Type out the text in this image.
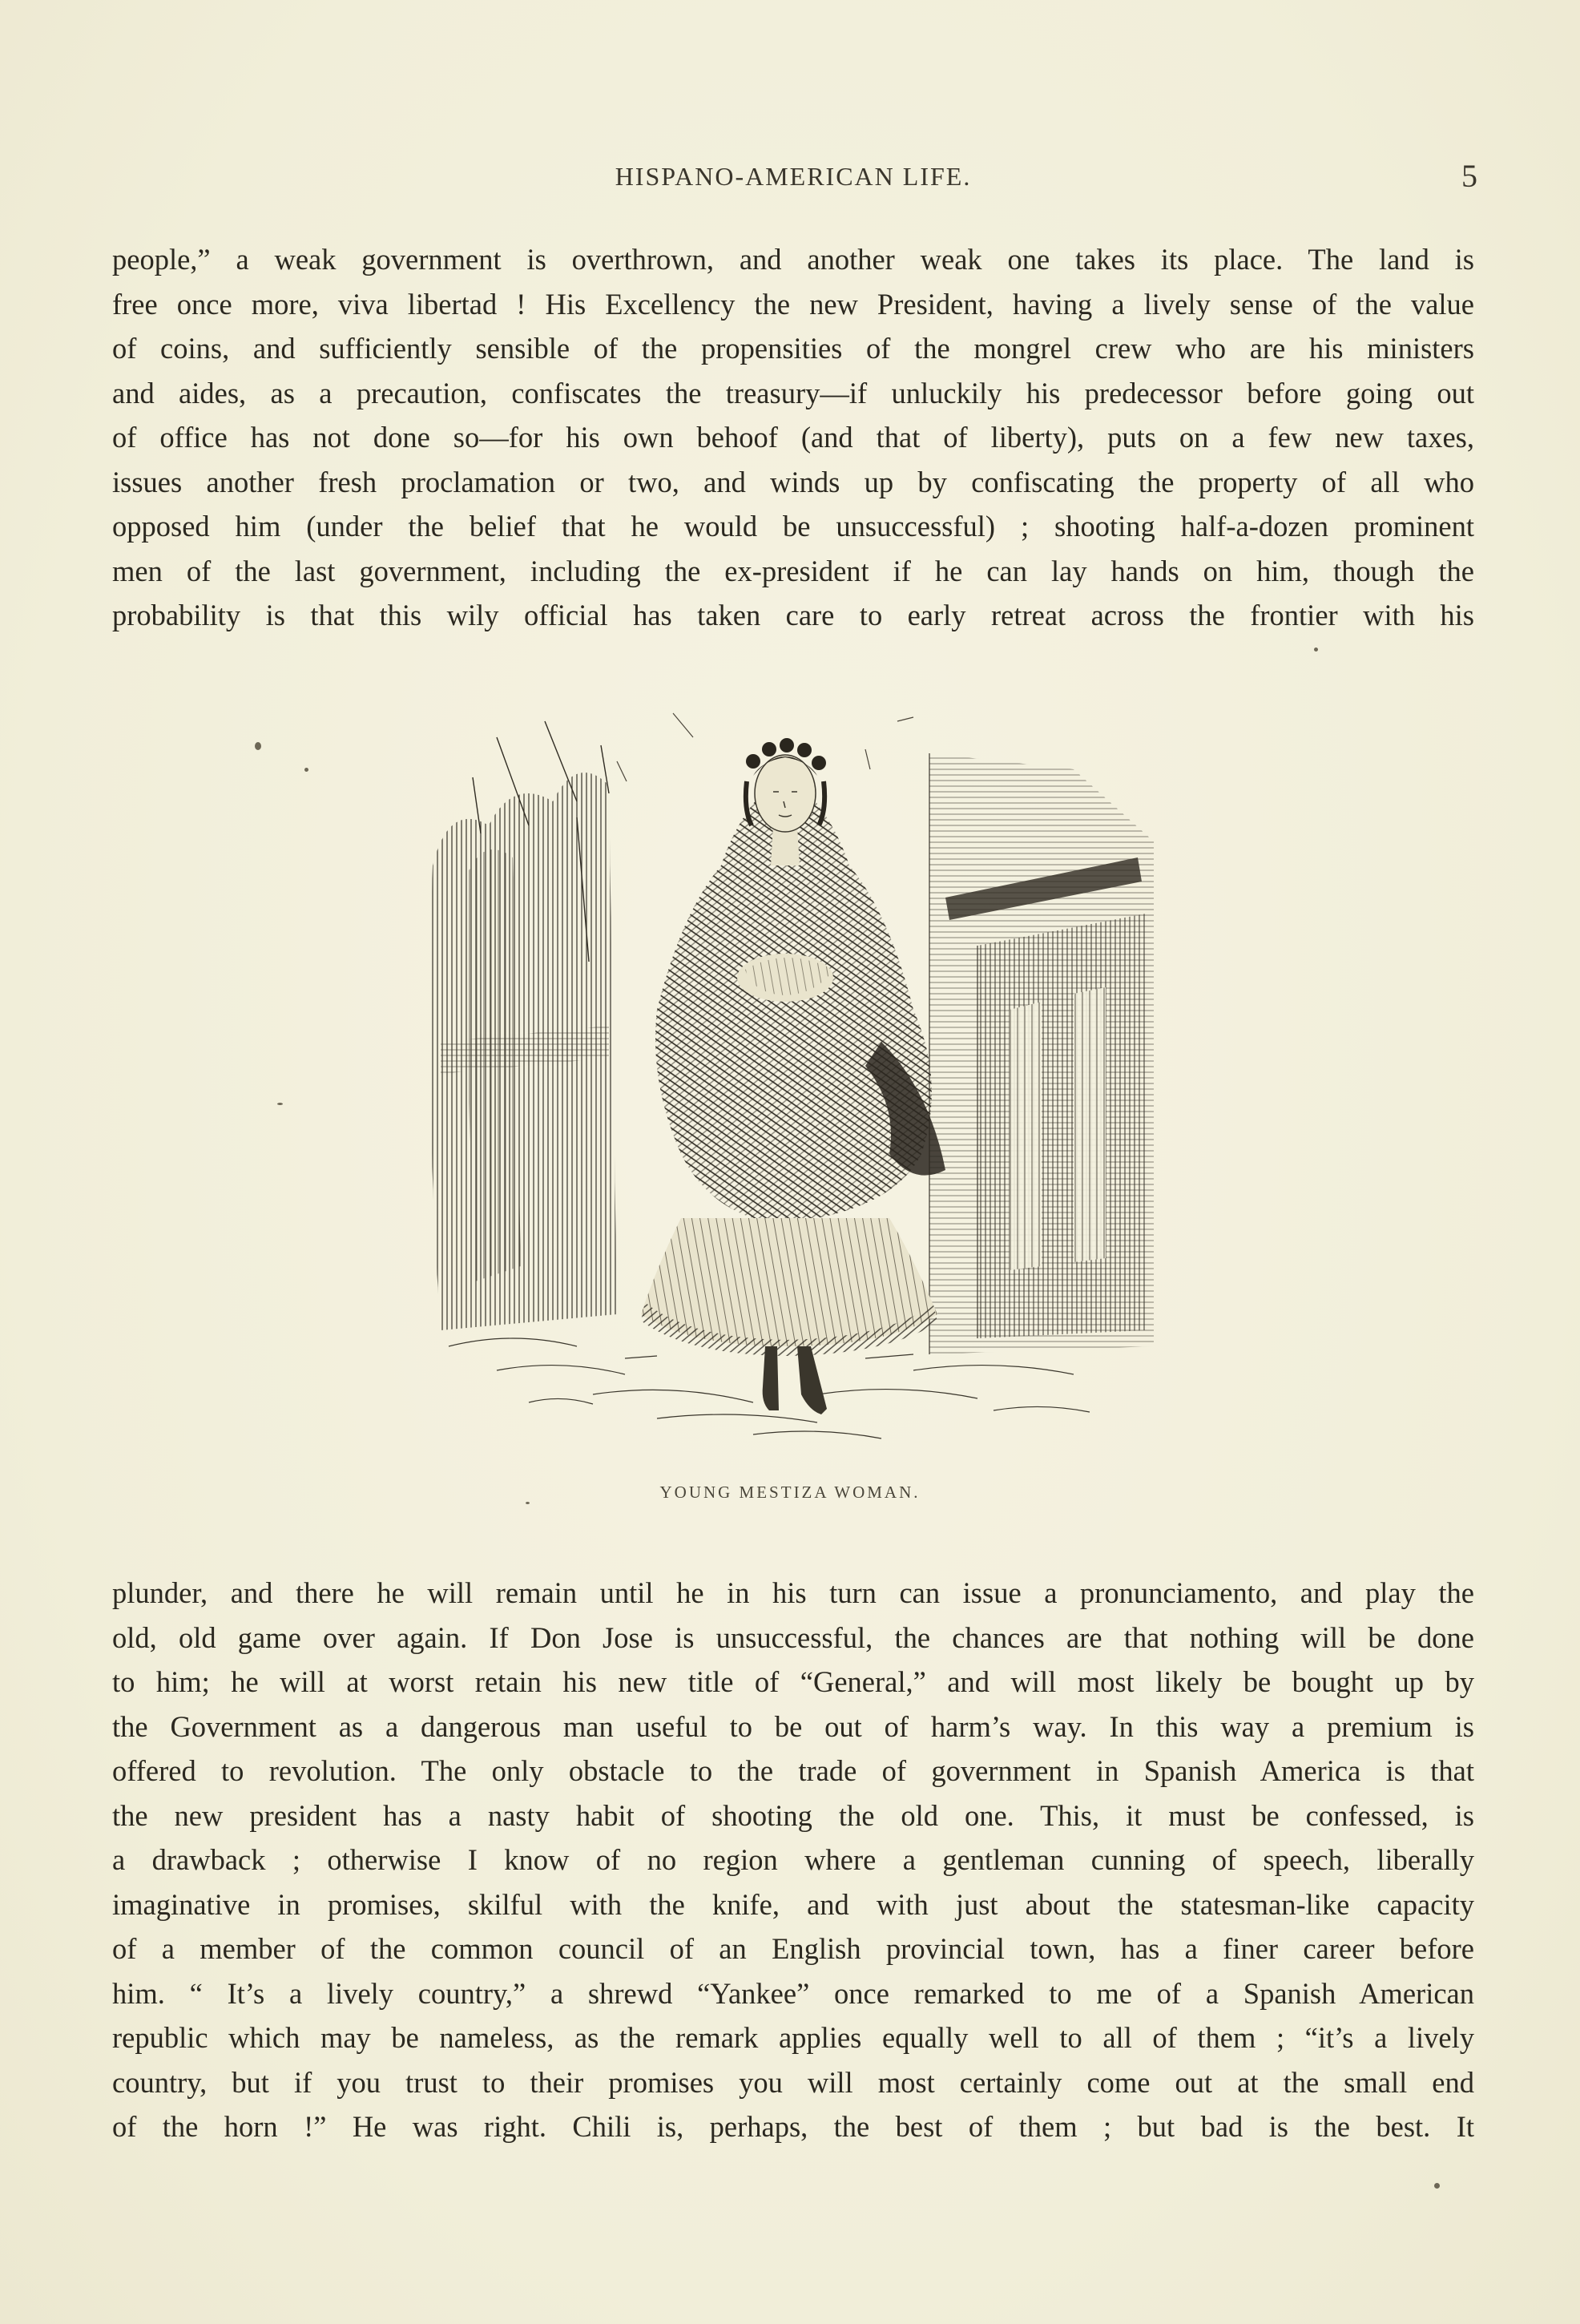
HISPANO-AMERICAN LIFE.	5
people,” a weak government is overthrown, and another weak one takes its place. The land is
free once more, viva libertad ! His Excellency the new President, having a lively sense of the value
of coins, and sufficiently sensible of the propensities of the mongrel crew who are his ministers
and aides, as a precaution, confiscates the treasury—if unluckily his predecessor before going out
of office has not done so—for his own behoof (and that of liberty), puts on a few new taxes,
issues another fresh proclamation or two, and winds up by confiscating the property of all who
opposed him (under the belief that he would be unsuccessful) ; shooting half-a-dozen prominent
men of the last government, including the ex-president if he can lay hands on him, though the
probability is that this wily official has taken care to early retreat across the frontier with his
YOUNG MESTIZA WOMAN.
plunder, and there he will remain until he in his turn can issue a pronunciamento, and play the
old, old game over again. If Don Jose is unsuccessful, the chances are that nothing will be done
to him; he will at worst retain his new title of “General,” and will most likely be bought up by
the Government as a dangerous man useful to be out of harm’s way. In this way a premium is
offered to revolution. The only obstacle to the trade of government in Spanish America is that
the new president has a nasty habit of shooting the old one. This, it must be confessed, is
a drawback ; otherwise I know of no region where a gentleman cunning of speech, liberally
imaginative in promises, skilful with the knife, and with just about the statesman-like capacity
of a member of the common council of an English provincial town, has a finer career before
him. “ It’s a lively country,” a shrewd “Yankee” once remarked to me of a Spanish American
republic which may be nameless, as the remark applies equally well to all of them ; “it’s a lively
country, but if you trust to their promises you will most certainly come out at the small end
of the horn !” He was right. Chili is, perhaps, the best of them ; but bad is the best. It
